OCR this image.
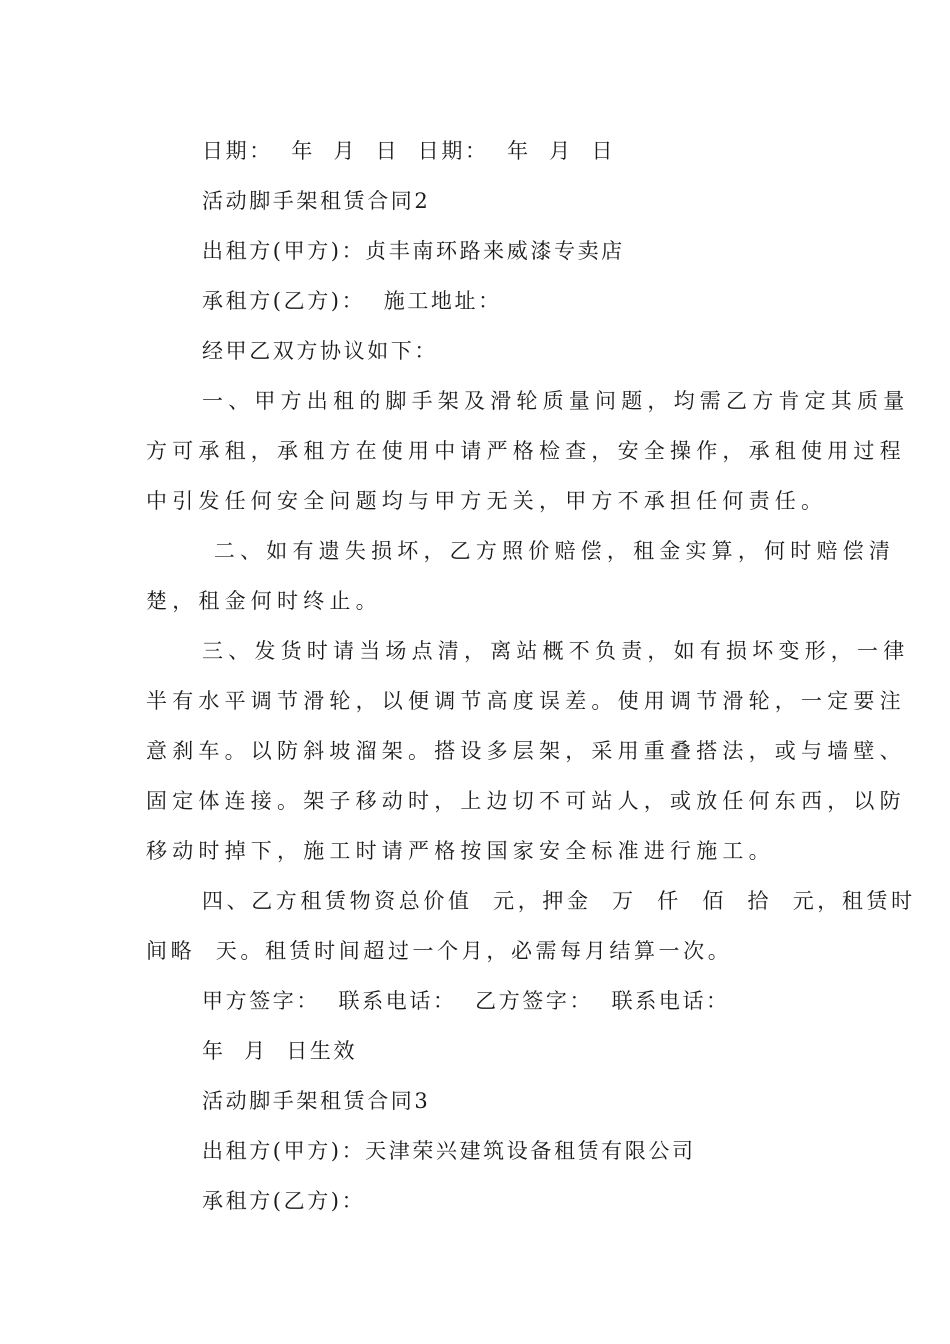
日期：  年  月  日  日期：  年  月  日
活动脚手架租赁合同2
出租方(甲方)：贞丰南环路来威漆专卖店
承租方(乙方)：  施工地址：
经甲乙双方协议如下：
一、甲方出租的脚手架及滑轮质量问题，均需乙方肯定其质量
方可承租，承租方在使用中请严格检查，安全操作，承租使用过程
中引发任何安全问题均与甲方无关，甲方不承担任何责任。
二、如有遗失损坏，乙方照价赔偿，租金实算，何时赔偿清
楚，租金何时终止。
三、发货时请当场点清，离站概不负责，如有损坏变形，一律
半有水平调节滑轮，以便调节高度误差。使用调节滑轮，一定要注
意刹车。以防斜坡溜架。搭设多层架，采用重叠搭法，或与墙壁、
固定体连接。架子移动时，上边切不可站人，或放任何东西，以防
移动时掉下，施工时请严格按国家安全标准进行施工。
四、乙方租赁物资总价值  元，押金  万  仟  佰  拾  元，租赁时
间略  天。租赁时间超过一个月，必需每月结算一次。
甲方签字：  联系电话：  乙方签字：  联系电话：
年  月  日生效
活动脚手架租赁合同3
出租方(甲方)：天津荣兴建筑设备租赁有限公司
承租方(乙方)：
